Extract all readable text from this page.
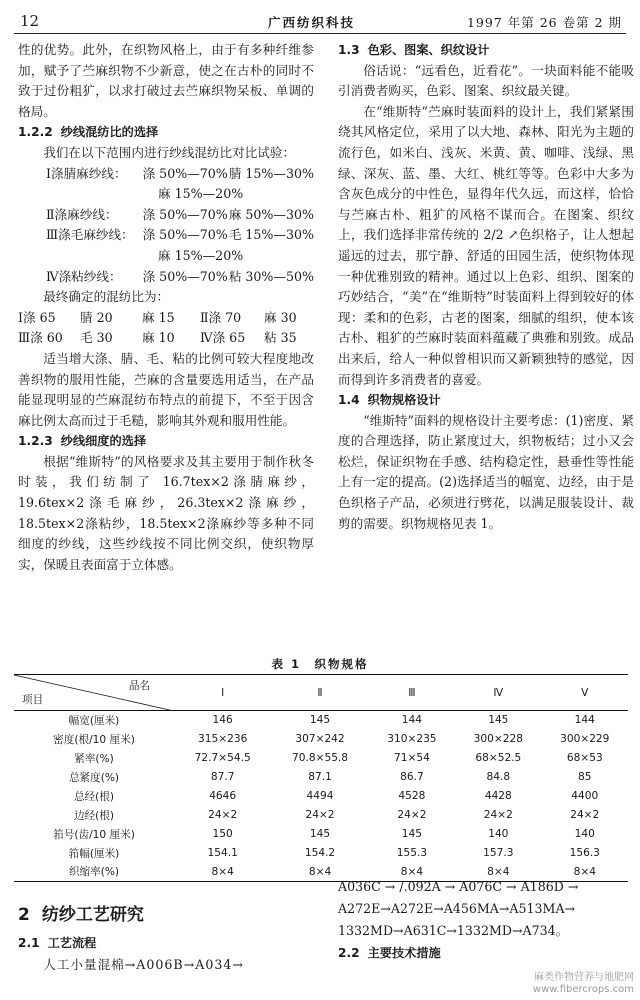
12	广西纺织科技	1997 年第 26 卷第 2 期

性的优势。此外，在织物风格上，由于有多种纤维参加，赋予了苎麻织物不少新意，使之在古朴的同时不致于过份粗犷，以求打破过去苎麻织物呆板、单调的格局。

1.2.2 纱线混纺比的选择

我们在以下范围内进行纱线混纺比对比试验：

Ⅰ涤腈麻纱线：	涤 50%—70% 腈 15%—30%
麻 15%—20%
Ⅱ涤麻纱线：	涤 50%—70% 麻 50%—30%
Ⅲ涤毛麻纱线： 涤 50%—70% 毛 15%—30%
麻 15%—20%
Ⅳ涤粘纱线：	涤 50%—70% 粘 30%—50%

最终确定的混纺比为：

Ⅰ涤 65	腈 20	麻 15	Ⅱ涤 70	麻 30
Ⅲ涤 60	毛 30	麻 10	Ⅳ涤 65	粘 35

适当增大涤、腈、毛、粘的比例可较大程度地改善织物的服用性能，苎麻的含量要选用适当，在产品能显现明显的苎麻混纺布特点的前提下，不至于因含麻比例太高而过于毛糙，影响其外观和服用性能。

1.2.3 纱线细度的选择

根据“维斯特”的风格要求及其主要用于制作秋冬时装，我们纺制了 16.7tex×2涤腈麻纱，19.6tex×2涤毛麻纱，26.3tex×2涤麻纱，18.5tex×2涤粘纱，18.5tex×2涤麻纱等多种不同细度的纱线，这些纱线按不同比例交织，使织物厚实，保暖且表面富于立体感。

1.3 色彩、图案、织纹设计

俗话说：“远看色，近看花”。一块面料能不能吸引消费者购买，色彩、图案、织纹最关键。

在“维斯特”苎麻时装面料的设计上，我们紧紧围绕其风格定位，采用了以大地、森林、阳光为主题的流行色，如米白、浅灰、米黄、黄、咖啡、浅绿、黑绿、深灰、蓝、墨、大红、桃红等等。色彩中大多为含灰色成分的中性色，显得年代久远，而这样，恰恰与苎麻古朴、粗犷的风格不谋而合。在图案、织纹上，我们选择非常传统的 2/2 ↗色织格子，让人想起遥远的过去，那宁静、舒适的田园生活，使织物体现一种优雅别致的精神。通过以上色彩、组织、图案的巧妙结合，“美”在“维斯特”时装面料上得到较好的体现：柔和的色彩，古老的图案，细腻的组织，使本该古朴、粗犷的苎麻时装面料蕴藏了典雅和别致。成品出来后，给人一种似曾相识而又新颖独特的感觉，因而得到许多消费者的喜爱。

1.4 织物规格设计

“维斯特”面料的规格设计主要考虑：(1)密度、紧度的合理选择，防止紧度过大，织物板结；过小又会松烂，保证织物在手感、结构稳定性，悬垂性等性能上有一定的提高。(2)选择适当的幅宽、边经，由于是色织格子产品，必须进行劈花，以满足服装设计、裁剪的需要。织物规格见表 1。

表 1　织物规格
品名
项目	Ⅰ	Ⅱ	Ⅲ	Ⅳ	Ⅴ
幅宽(厘米)	146	145	144	145	144
密度(根/10 厘米)	315×236	307×242	310×235	300×228	300×229
紧率(%)	72.7×54.5	70.8×55.8	71×54	68×52.5	68×53
总紧度(%)	87.7	87.1	86.7	84.8	85
总经(根)	4646	4494	4528	4428	4400
边经(根)	24×2	24×2	24×2	24×2	24×2
筘号(齿/10 厘米)	150	145	145	140	140
筘幅(厘米)	154.1	154.2	155.3	157.3	156.3
织缩率(%)	8×4	8×4	8×4	8×4	8×4
2 纺纱工艺研究
2.1 工艺流程

人工小量混棉→A006B→A034→

A036C → /.092A → A076C → A186D →

A272E→A272E→A456MA→A513MA→

1332MD→A631C→1332MD→A734。

2.2 主要技术措施
麻类作物营养与地肥网
www.fibercrops.com
